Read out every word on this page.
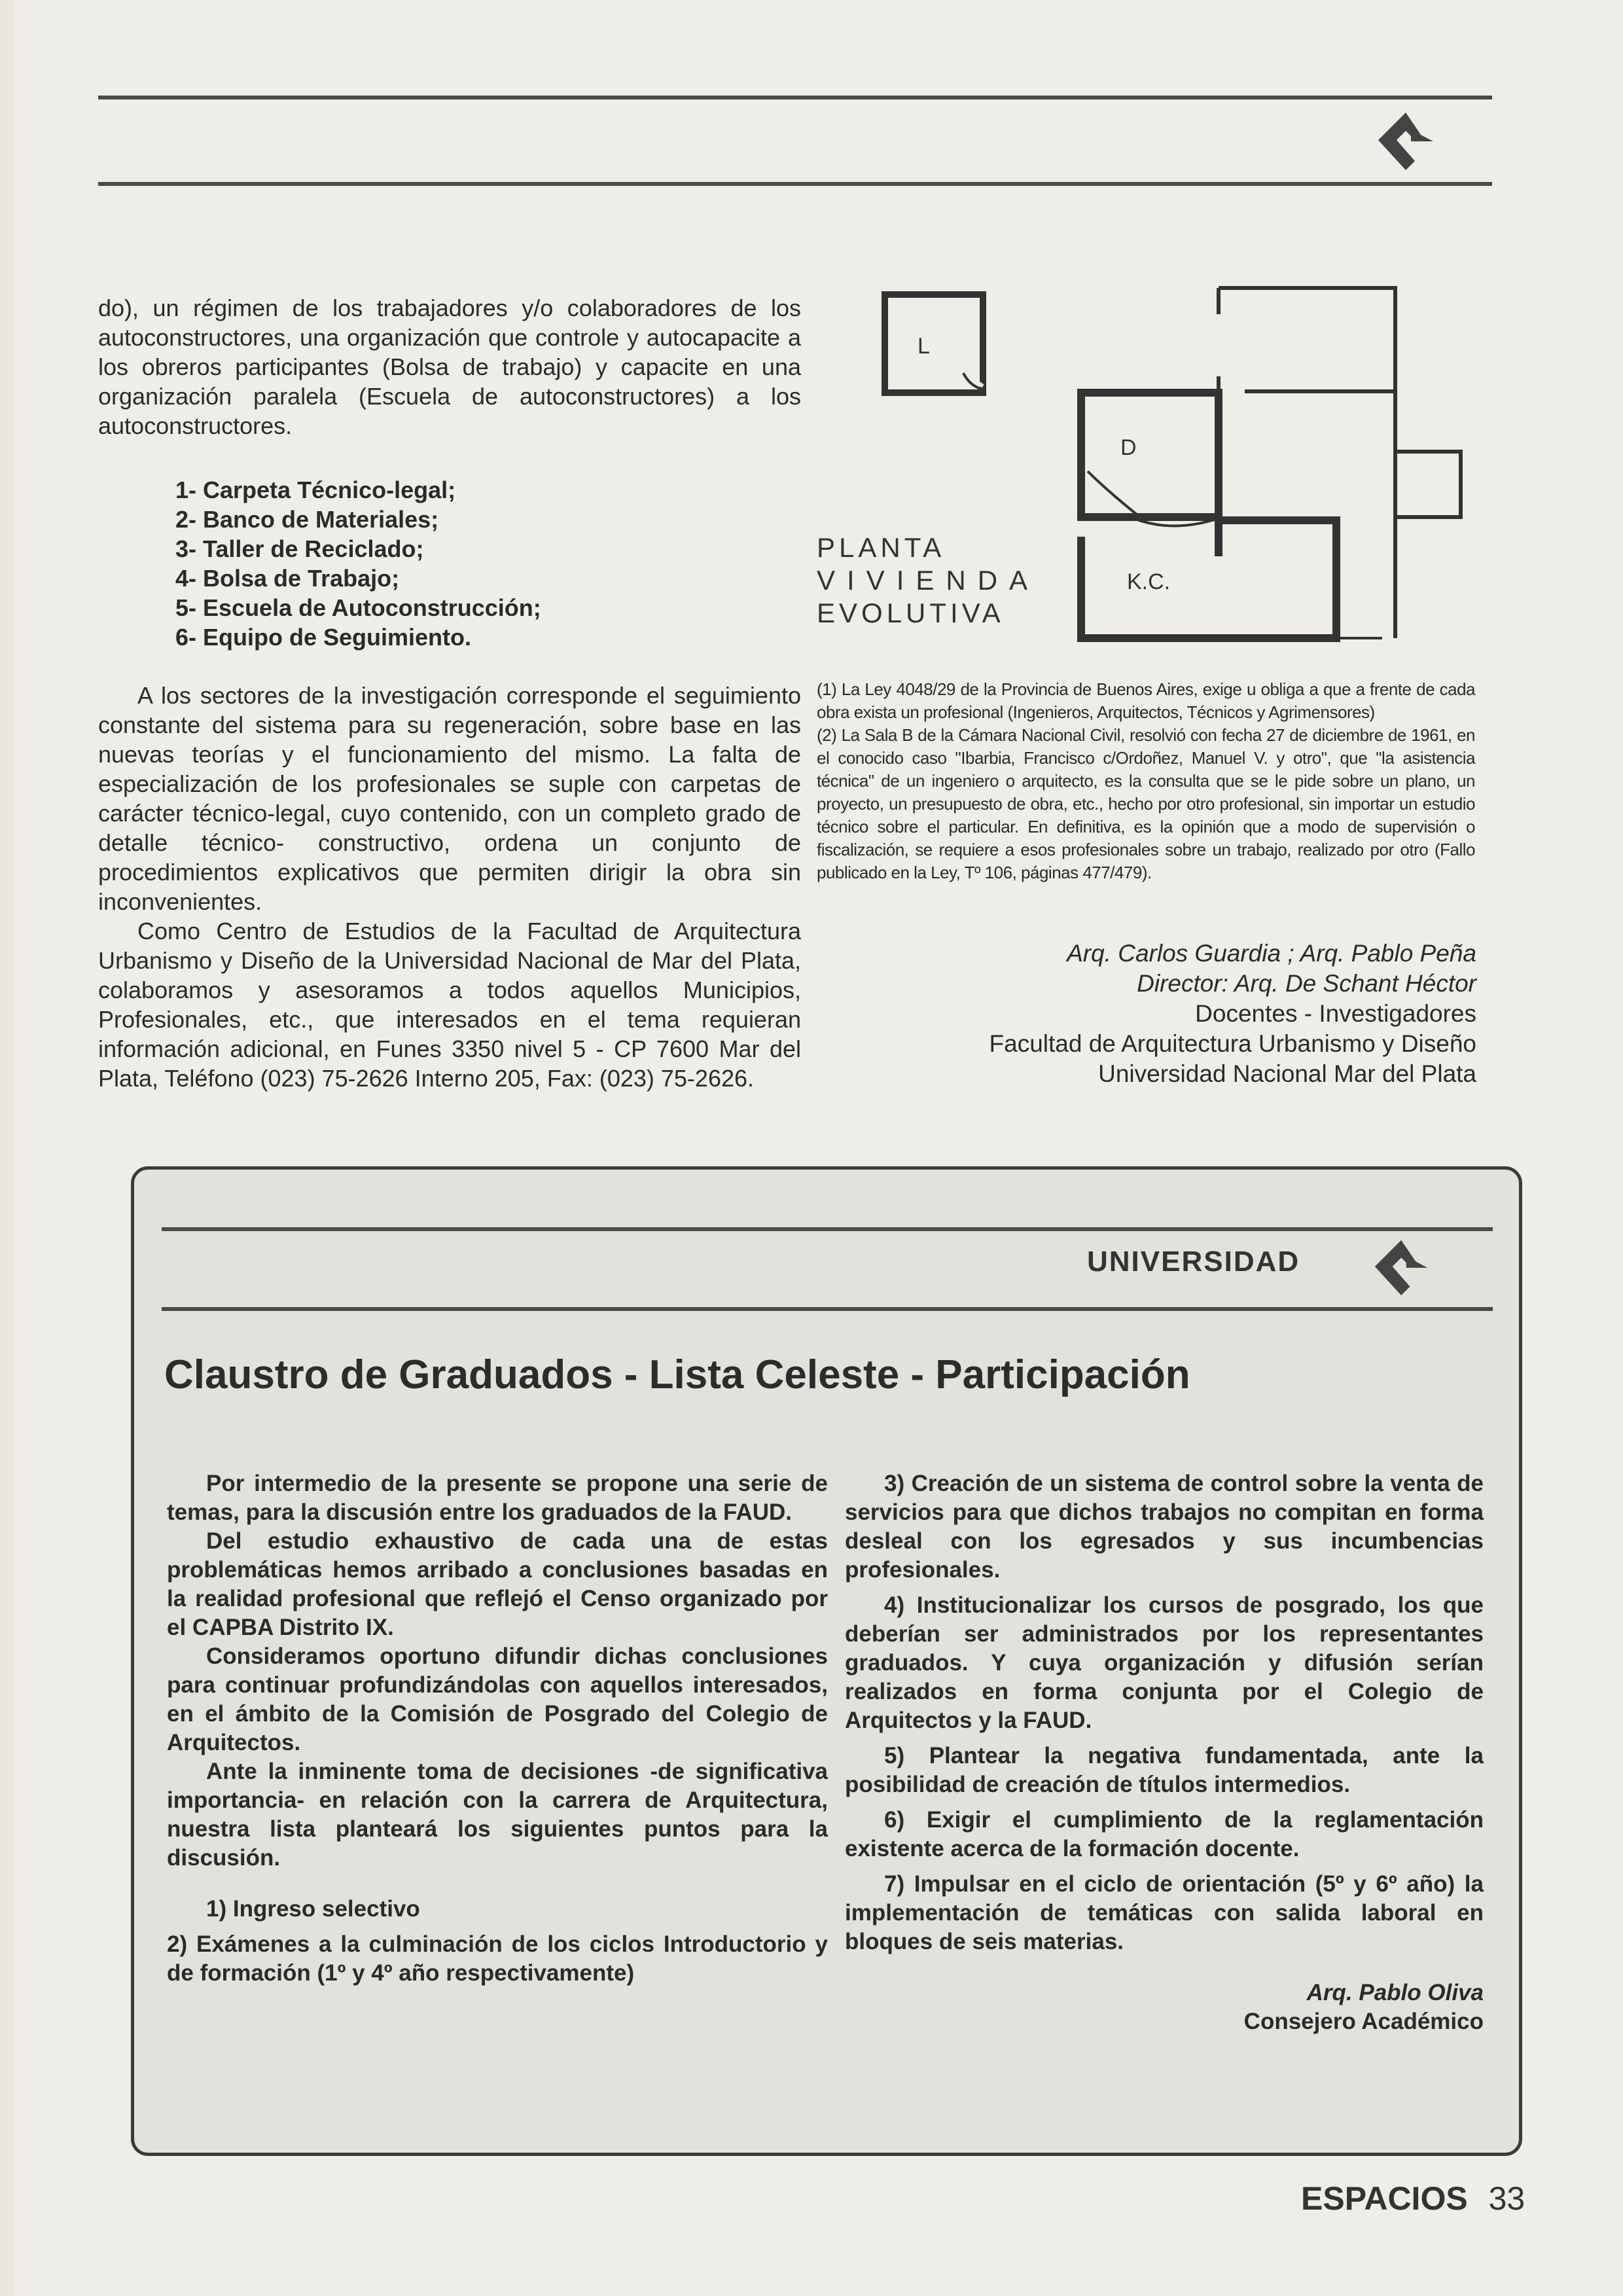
do), un régimen de los trabajadores y/o colaboradores de los autoconstructores, una organización que controle y autocapacite a los obreros participantes (Bolsa de trabajo) y capacite en una organización paralela (Escuela de autoconstructores) a los autoconstructores.

1- Carpeta Técnico-legal;
2- Banco de Materiales;
3- Taller de Reciclado;
4- Bolsa de Trabajo;
5- Escuela de Autoconstrucción;
6- Equipo de Seguimiento.

A los sectores de la investigación corresponde el seguimiento constante del sistema para su regeneración, sobre base en las nuevas teorías y el funcionamiento del mismo. La falta de especialización de los profesionales se suple con carpetas de carácter técnico-legal, cuyo contenido, con un completo grado de detalle técnico- constructivo, ordena un conjunto de procedimientos explicativos que permiten dirigir la obra sin inconvenientes.

Como Centro de Estudios de la Facultad de Arquitectura Urbanismo y Diseño de la Universidad Nacional de Mar del Plata, colaboramos y asesoramos a todos aquellos Municipios, Profesionales, etc., que interesados en el tema requieran información adicional, en Funes 3350 nivel 5 - CP 7600 Mar del Plata, Teléfono (023) 75-2626 Interno 205, Fax: (023) 75-2626.

L
D
K.C.
PLANTA
VIVIENDA
EVOLUTIVA

(1) La Ley 4048/29 de la Provincia de Buenos Aires, exige u obliga a que a frente de cada obra exista un profesional (Ingenieros, Arquitectos, Técnicos y Agrimensores)

(2) La Sala B de la Cámara Nacional Civil, resolvió con fecha 27 de diciembre de 1961, en el conocido caso "Ibarbia, Francisco c/Ordoñez, Manuel V. y otro", que "la asistencia técnica" de un ingeniero o arquitecto, es la consulta que se le pide sobre un plano, un proyecto, un presupuesto de obra, etc., hecho por otro profesional, sin importar un estudio técnico sobre el particular. En definitiva, es la opinión que a modo de supervisión o fiscalización, se requiere a esos profesionales sobre un trabajo, realizado por otro (Fallo publicado en la Ley, Tº 106, páginas 477/479).

Arq. Carlos Guardia ; Arq. Pablo Peña
Director: Arq. De Schant Héctor
Docentes - Investigadores
Facultad de Arquitectura Urbanismo y Diseño
Universidad Nacional Mar del Plata
UNIVERSIDAD
Claustro de Graduados - Lista Celeste - Participación

Por intermedio de la presente se propone una serie de temas, para la discusión entre los graduados de la FAUD.

Del estudio exhaustivo de cada una de estas problemáticas hemos arribado a conclusiones basadas en la realidad profesional que reflejó el Censo organizado por el CAPBA Distrito IX.

Consideramos oportuno difundir dichas conclusiones para continuar profundizándolas con aquellos interesados, en el ámbito de la Comisión de Posgrado del Colegio de Arquitectos.

Ante la inminente toma de decisiones -de significativa importancia- en relación con la carrera de Arquitectura, nuestra lista planteará los siguientes puntos para la discusión.

1) Ingreso selectivo

2) Exámenes a la culminación de los ciclos Introductorio y de formación (1º y 4º año respectivamente)

3) Creación de un sistema de control sobre la venta de servicios para que dichos trabajos no compitan en forma desleal con los egresados y sus incumbencias profesionales.

4) Institucionalizar los cursos de posgrado, los que deberían ser administrados por los representantes graduados. Y cuya organización y difusión serían realizados en forma conjunta por el Colegio de Arquitectos y la FAUD.

5) Plantear la negativa fundamentada, ante la posibilidad de creación de títulos intermedios.

6) Exigir el cumplimiento de la reglamentación existente acerca de la formación docente.

7) Impulsar en el ciclo de orientación (5º y 6º año) la implementación de temáticas con salida laboral en bloques de seis materias.

Arq. Pablo Oliva
Consejero Académico
ESPACIOS 33
